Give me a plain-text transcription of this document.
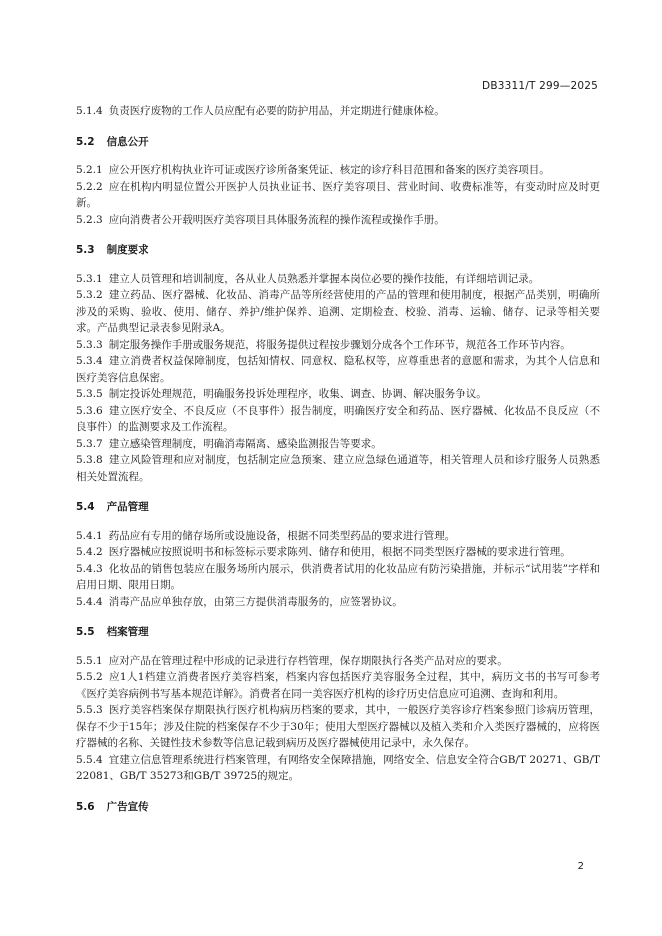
DB3311/T 299—2025

5.1.4 负责医疗废物的工作人员应配有必要的防护用品，并定期进行健康体检。

5.2 信息公开

5.2.1 应公开医疗机构执业许可证或医疗诊所备案凭证、核定的诊疗科目范围和备案的医疗美容项目。

5.2.2 应在机构内明显位置公开医护人员执业证书、医疗美容项目、营业时间、收费标准等，有变动时应及时更新。

5.2.3 应向消费者公开载明医疗美容项目具体服务流程的操作流程或操作手册。

5.3 制度要求

5.3.1 建立人员管理和培训制度，各从业人员熟悉并掌握本岗位必要的操作技能，有详细培训记录。

5.3.2 建立药品、医疗器械、化妆品、消毒产品等所经营使用的产品的管理和使用制度，根据产品类别，明确所涉及的采购、验收、使用、储存、养护/维护保养、追溯、定期检查、校验、消毒、运输、储存、记录等相关要求。产品典型记录表参见附录A。

5.3.3 制定服务操作手册或服务规范，将服务提供过程按步骤划分成各个工作环节，规范各工作环节内容。

5.3.4 建立消费者权益保障制度，包括知情权、同意权、隐私权等，应尊重患者的意愿和需求，为其个人信息和医疗美容信息保密。

5.3.5 制定投诉处理规范，明确服务投诉处理程序，收集、调查、协调、解决服务争议。

5.3.6 建立医疗安全、不良反应（不良事件）报告制度，明确医疗安全和药品、医疗器械、化妆品不良反应（不良事件）的监测要求及工作流程。

5.3.7 建立感染管理制度，明确消毒隔离、感染监测报告等要求。

5.3.8 建立风险管理和应对制度，包括制定应急预案、建立应急绿色通道等，相关管理人员和诊疗服务人员熟悉相关处置流程。

5.4 产品管理

5.4.1 药品应有专用的储存场所或设施设备，根据不同类型药品的要求进行管理。

5.4.2 医疗器械应按照说明书和标签标示要求陈列、储存和使用，根据不同类型医疗器械的要求进行管理。

5.4.3 化妆品的销售包装应在服务场所内展示，供消费者试用的化妆品应有防污染措施，并标示“试用装”字样和启用日期、限用日期。

5.4.4 消毒产品应单独存放，由第三方提供消毒服务的，应签署协议。

5.5 档案管理

5.5.1 应对产品在管理过程中形成的记录进行存档管理，保存期限执行各类产品对应的要求。

5.5.2 应1人1档建立消费者医疗美容档案，档案内容包括医疗美容服务全过程，其中，病历文书的书写可参考《医疗美容病例书写基本规范详解》。消费者在同一美容医疗机构的诊疗历史信息应可追溯、查询和利用。

5.5.3 医疗美容档案保存期限执行医疗机构病历档案的要求，其中，一般医疗美容诊疗档案参照门诊病历管理，保存不少于15年；涉及住院的档案保存不少于30年；使用大型医疗器械以及植入类和介入类医疗器械的，应将医疗器械的名称、关键性技术参数等信息记载到病历及医疗器械使用记录中，永久保存。

5.5.4 宜建立信息管理系统进行档案管理，有网络安全保障措施，网络安全、信息安全符合GB/T 20271、GB/T 22081、GB/T 35273和GB/T 39725的规定。

5.6 广告宣传
2
